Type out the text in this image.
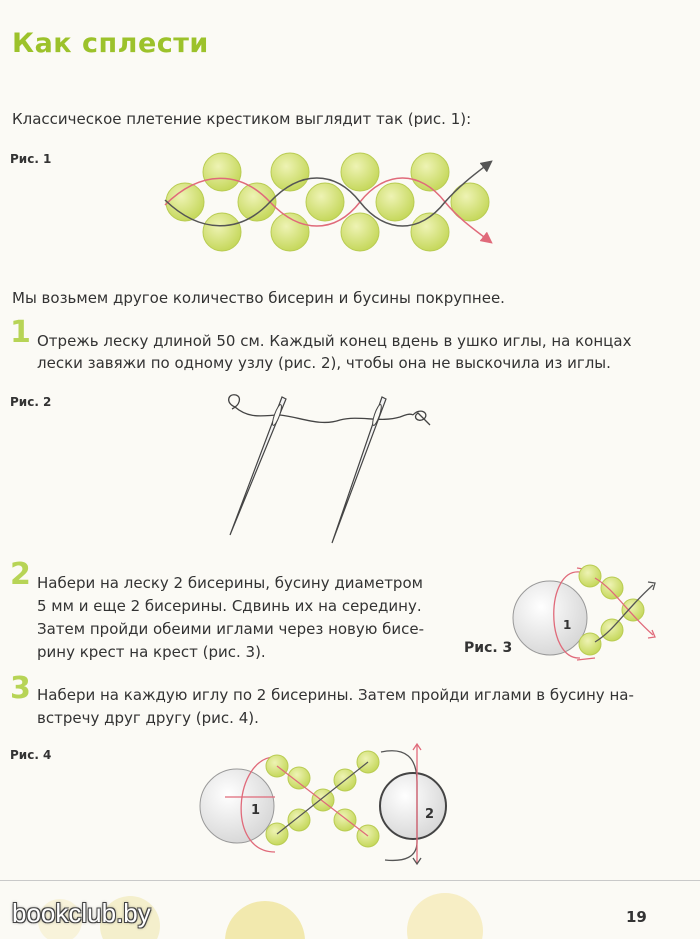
Как сплести
Классическое плетение крестиком выглядит так (рис. 1):
Рис. 1
Мы возьмем другое количество бисерин и бусины покрупнее.
1 Отрежь леску длиной 50 см. Каждый конец вдень в ушко иглы, на концах
лески завяжи по одному узлу (рис. 2), чтобы она не выскочила из иглы.
Рис. 2
2 Набери на леску 2 бисерины, бусину диаметром
5 мм и еще 2 бисерины. Сдвинь их на середину.
Затем пройди обеими иглами через новую бисе-
рину крест на крест (рис. 3).
1
Рис. 3
3 Набери на каждую иглу по 2 бисерины. Затем пройди иглами в бусину на-
встречу друг другу (рис. 4).
Рис. 4
1	2
bookclub.by	19
